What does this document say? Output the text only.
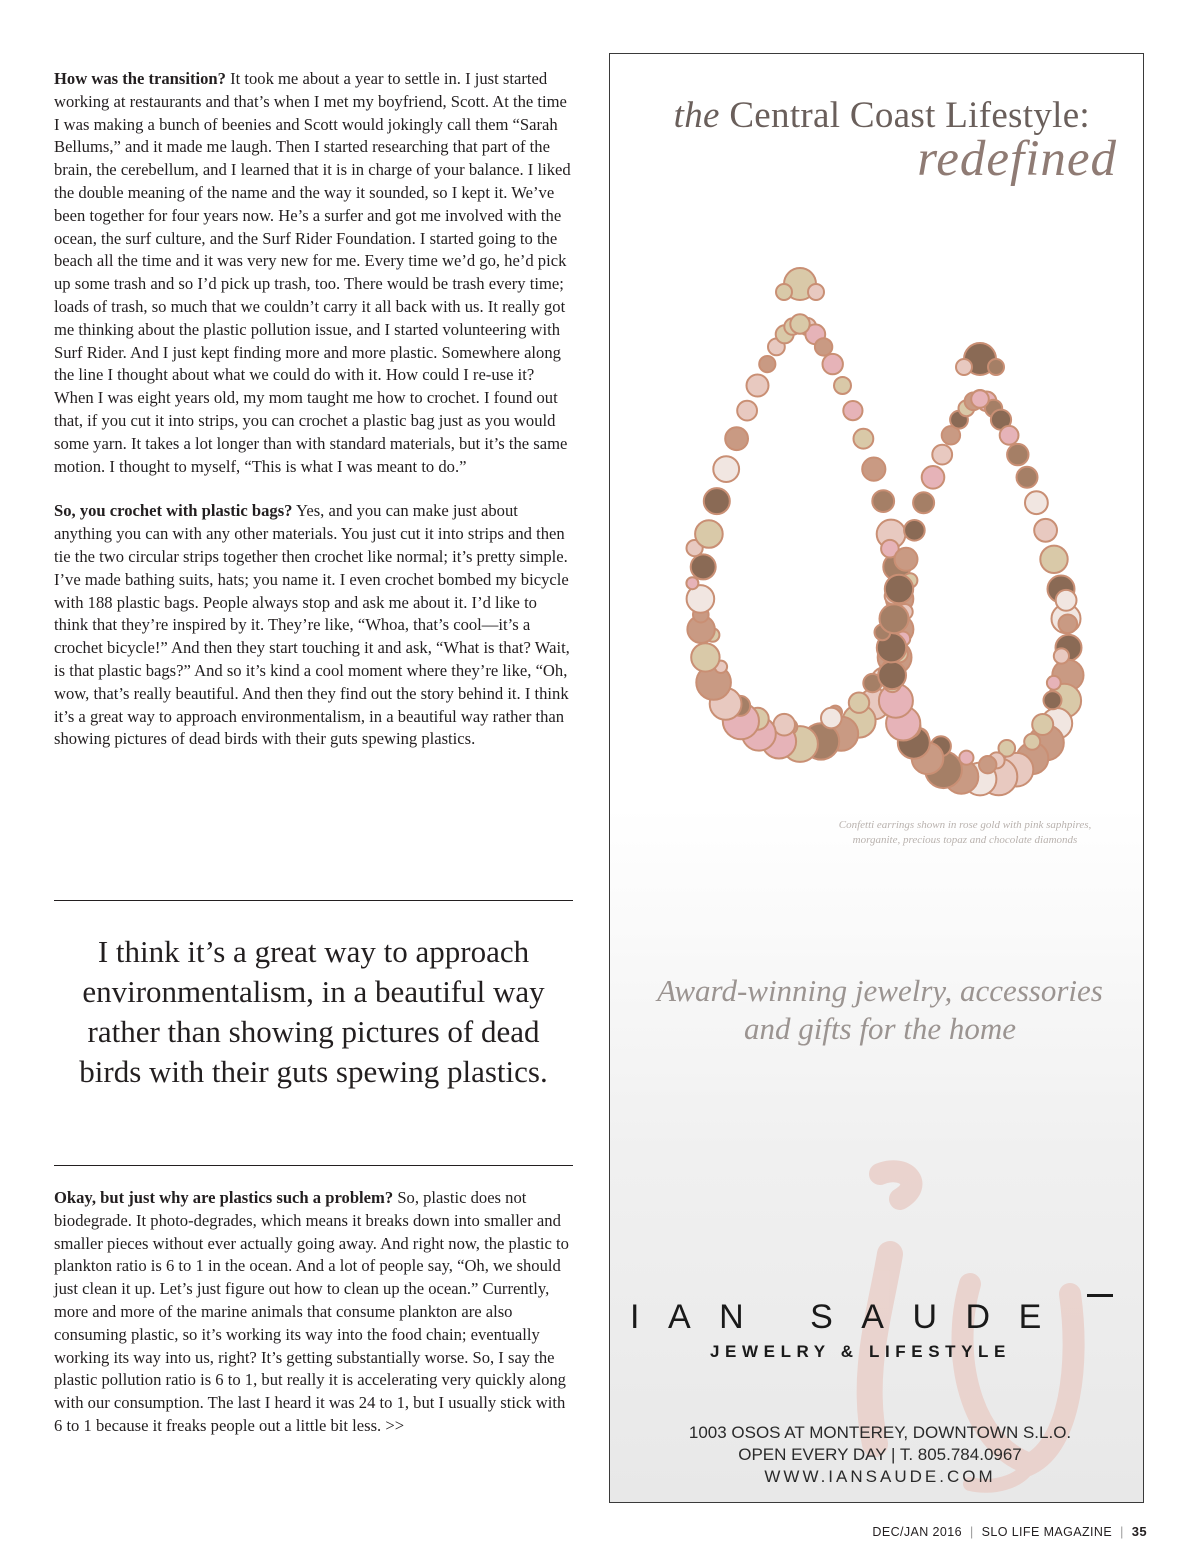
How was the transition? It took me about a year to settle in. I just started working at restaurants and that’s when I met my boyfriend, Scott. At the time I was making a bunch of beenies and Scott would jokingly call them “Sarah Bellums,” and it made me laugh. Then I started researching that part of the brain, the cerebellum, and I learned that it is in charge of your balance. I liked the double meaning of the name and the way it sounded, so I kept it. We’ve been together for four years now. He’s a surfer and got me involved with the ocean, the surf culture, and the Surf Rider Foundation. I started going to the beach all the time and it was very new for me. Every time we’d go, he’d pick up some trash and so I’d pick up trash, too. There would be trash every time; loads of trash, so much that we couldn’t carry it all back with us. It really got me thinking about the plastic pollution issue, and I started volunteering with Surf Rider. And I just kept finding more and more plastic. Somewhere along the line I thought about what we could do with it. How could I re-use it? When I was eight years old, my mom taught me how to crochet. I found out that, if you cut it into strips, you can crochet a plastic bag just as you would some yarn. It takes a lot longer than with standard materials, but it’s the same motion. I thought to myself, “This is what I was meant to do.”

So, you crochet with plastic bags? Yes, and you can make just about anything you can with any other materials. You just cut it into strips and then tie the two circular strips together then crochet like normal; it’s pretty simple. I’ve made bathing suits, hats; you name it. I even crochet bombed my bicycle with 188 plastic bags. People always stop and ask me about it. I’d like to think that they’re inspired by it. They’re like, “Whoa, that’s cool—it’s a crochet bicycle!” And then they start touching it and ask, “What is that? Wait, is that plastic bags?” And so it’s kind a cool moment where they’re like, “Oh, wow, that’s really beautiful. And then they find out the story behind it. I think it’s a great way to approach environmentalism, in a beautiful way rather than showing pictures of dead birds with their guts spewing plastics.

I think it’s a great way to approach environmentalism, in a beautiful way rather than showing pictures of dead birds with their guts spewing plastics.

Okay, but just why are plastics such a problem? So, plastic does not biodegrade. It photo-degrades, which means it breaks down into smaller and smaller pieces without ever actually going away. And right now, the plastic to plankton ratio is 6 to 1 in the ocean. And a lot of people say, “Oh, we should just clean it up. Let’s just figure out how to clean up the ocean.” Currently, more and more of the marine animals that consume plankton are also consuming plastic, so it’s working its way into the food chain; eventually working its way into us, right? It’s getting substantially worse. So, I say the plastic pollution ratio is 6 to 1, but really it is accelerating very quickly along with our consumption. The last I heard it was 24 to 1, but I usually stick with 6 to 1 because it freaks people out a little bit less. >>

the Central Coast Lifestyle:
redefined

Confetti earrings shown in rose gold with pink saphpires,
morganite, precious topaz and chocolate diamonds

Award-winning jewelry, accessories
and gifts for the home

IAN SAUDE
JEWELRY & LIFESTYLE
1003 OSOS AT MONTEREY, DOWNTOWN S.L.O.
OPEN EVERY DAY | T. 805.784.0967
WWW.IANSAUDE.COM
DEC/JAN 2016 | SLO LIFE MAGAZINE | 35
